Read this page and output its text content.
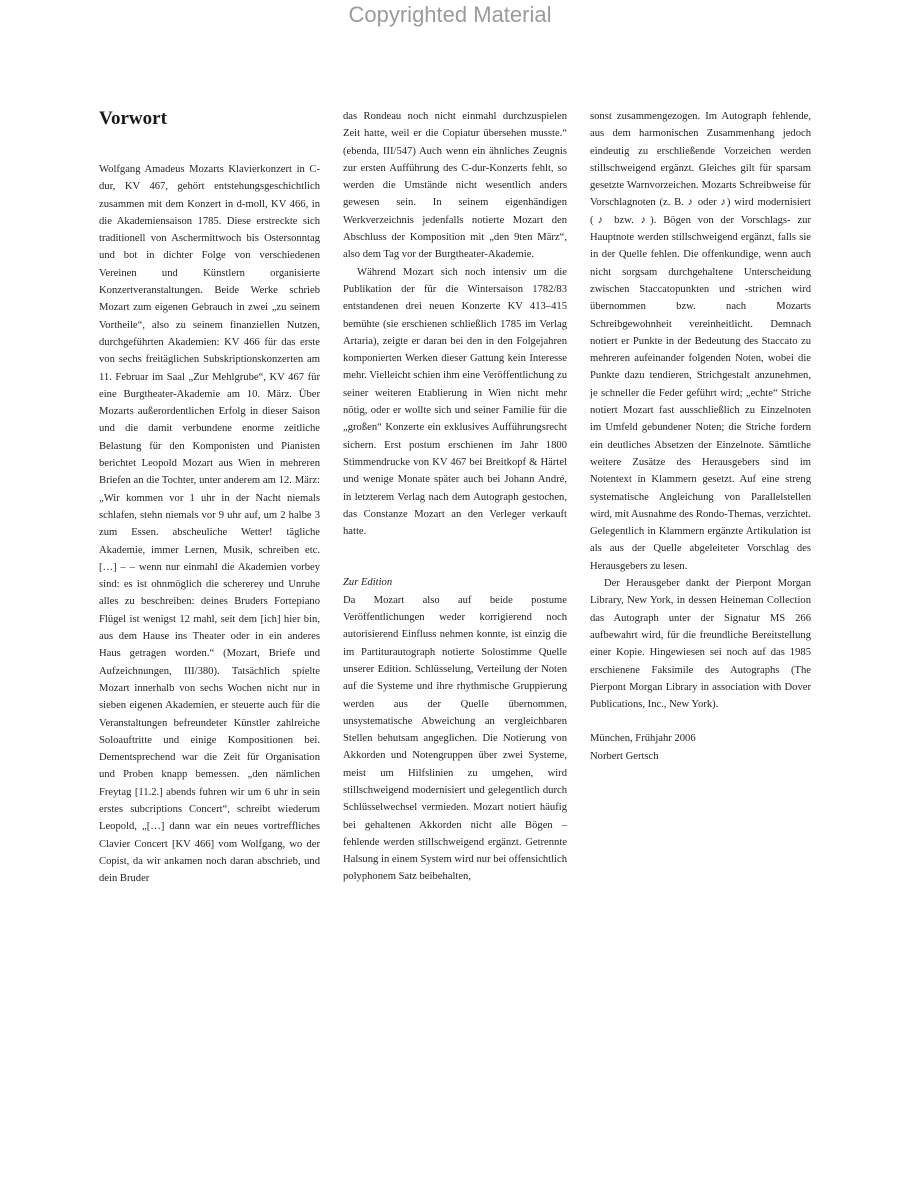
Copyrighted Material
Vorwort

Wolfgang Amadeus Mozarts Klavierkonzert in C-dur, KV 467, gehört entstehungsgeschichtlich zusammen mit dem Konzert in d-moll, KV 466, in die Akademiensaison 1785. Diese erstreckte sich traditionell von Aschermittwoch bis Ostersonntag und bot in dichter Folge von verschiedenen Vereinen und Künstlern organisierte Konzertveranstaltungen. Beide Werke schrieb Mozart zum eigenen Gebrauch in zwei „zu seinem Vortheile“, also zu seinem finanziellen Nutzen, durchgeführten Akademien: KV 466 für das erste von sechs freitäglichen Subskriptionskonzerten am 11. Februar im Saal „Zur Mehlgrube“, KV 467 für eine Burgtheater-Akademie am 10. März. Über Mozarts außerordentlichen Erfolg in dieser Saison und die damit verbundene enorme zeitliche Belastung für den Komponisten und Pianisten berichtet Leopold Mozart aus Wien in mehreren Briefen an die Tochter, unter anderem am 12. März: „Wir kommen vor 1 uhr in der Nacht niemals schlafen, stehn niemals vor 9 uhr auf, um 2 halbe 3 zum Essen. abscheuliche Wetter! tägliche Akademie, immer Lernen, Musik, schreiben etc. […] – – wenn nur einmahl die Akademien vorbey sind: es ist ohnmöglich die schererey und Unruhe alles zu beschreiben: deines Bruders Fortepiano Flügel ist wenigst 12 mahl, seit dem [ich] hier bin, aus dem Hause ins Theater oder in ein anderes Haus getragen worden.“ (Mozart, Briefe und Aufzeichnungen, III/380). Tatsächlich spielte Mozart innerhalb von sechs Wochen nicht nur in sieben eigenen Akademien, er steuerte auch für die Veranstaltungen befreundeter Künstler zahlreiche Soloauftritte und einige Kompositionen bei. Dementsprechend war die Zeit für Organisation und Proben knapp bemessen. „den nämlichen Freytag [11.2.] abends fuhren wir um 6 uhr in sein erstes subcriptions Concert“, schreibt wiederum Leopold, „[…] dann war ein neues vortreffliches Clavier Concert [KV 466] vom Wolfgang, wo der Copist, da wir ankamen noch daran abschrieb, und dein Bruder

das Rondeau noch nicht einmahl durchzuspielen Zeit hatte, weil er die Copiatur übersehen musste.“ (ebenda, III/547) Auch wenn ein ähnliches Zeugnis zur ersten Aufführung des C-dur-Konzerts fehlt, so werden die Umstände nicht wesentlich anders gewesen sein. In seinem eigenhändigen Werkverzeichnis jedenfalls notierte Mozart den Abschluss der Komposition mit „den 9ten März“, also dem Tag vor der Burgtheater-Akademie.

Während Mozart sich noch intensiv um die Publikation der für die Wintersaison 1782/83 entstandenen drei neuen Konzerte KV 413–415 bemühte (sie erschienen schließlich 1785 im Verlag Artaria), zeigte er daran bei den in den Folgejahren komponierten Werken dieser Gattung kein Interesse mehr. Vielleicht schien ihm eine Veröffentlichung zu seiner weiteren Etablierung in Wien nicht mehr nötig, oder er wollte sich und seiner Familie für die „großen“ Konzerte ein exklusives Aufführungsrecht sichern. Erst postum erschienen im Jahr 1800 Stimmendrucke von KV 467 bei Breitkopf & Härtel und wenige Monate später auch bei Johann André, in letzterem Verlag nach dem Autograph gestochen, das Constanze Mozart an den Verleger verkauft hatte.

Zur Edition

Da Mozart also auf beide postume Veröffentlichungen weder korrigierend noch autorisierend Einfluss nehmen konnte, ist einzig die im Partiturautograph notierte Solostimme Quelle unserer Edition. Schlüsselung, Verteilung der Noten auf die Systeme und ihre rhythmische Gruppierung werden aus der Quelle übernommen, unsystematische Abweichung an vergleichbaren Stellen behutsam angeglichen. Die Notierung von Akkorden und Notengruppen über zwei Systeme, meist um Hilfslinien zu umgehen, wird stillschweigend modernisiert und gelegentlich durch Schlüsselwechsel vermieden. Mozart notiert häufig bei gehaltenen Akkorden nicht alle Bögen – fehlende werden stillschweigend ergänzt. Getrennte Halsung in einem System wird nur bei offensichtlich polyphonem Satz beibehalten,

sonst zusammengezogen. Im Autograph fehlende, aus dem harmonischen Zusammenhang jedoch eindeutig zu erschließende Vorzeichen werden stillschweigend ergänzt. Gleiches gilt für sparsam gesetzte Warnvorzeichen. Mozarts Schreibweise für Vorschlagnoten (z. B. ♪ oder ♪) wird modernisiert (♪ bzw. ♪). Bögen von der Vorschlags- zur Hauptnote werden stillschweigend ergänzt, falls sie in der Quelle fehlen. Die offenkundige, wenn auch nicht sorgsam durchgehaltene Unterscheidung zwischen Staccatopunkten und -strichen wird übernommen bzw. nach Mozarts Schreibgewohnheit vereinheitlicht. Demnach notiert er Punkte in der Bedeutung des Staccato zu mehreren aufeinander folgenden Noten, wobei die Punkte dazu tendieren, Strichgestalt anzunehmen, je schneller die Feder geführt wird; „echte“ Striche notiert Mozart fast ausschließlich zu Einzelnoten im Umfeld gebundener Noten; die Striche fordern ein deutliches Absetzen der Einzelnote. Sämtliche weitere Zusätze des Herausgebers sind im Notentext in Klammern gesetzt. Auf eine streng systematische Angleichung von Parallelstellen wird, mit Ausnahme des Rondo-Themas, verzichtet. Gelegentlich in Klammern ergänzte Artikulation ist als aus der Quelle abgeleiteter Vorschlag des Herausgebers zu lesen.

Der Herausgeber dankt der Pierpont Morgan Library, New York, in dessen Heineman Collection das Autograph unter der Signatur MS 266 aufbewahrt wird, für die freundliche Bereitstellung einer Kopie. Hingewiesen sei noch auf das 1985 erschienene Faksimile des Autographs (The Pierpont Morgan Library in association with Dover Publications, Inc., New York).

München, Frühjahr 2006

Norbert Gertsch
